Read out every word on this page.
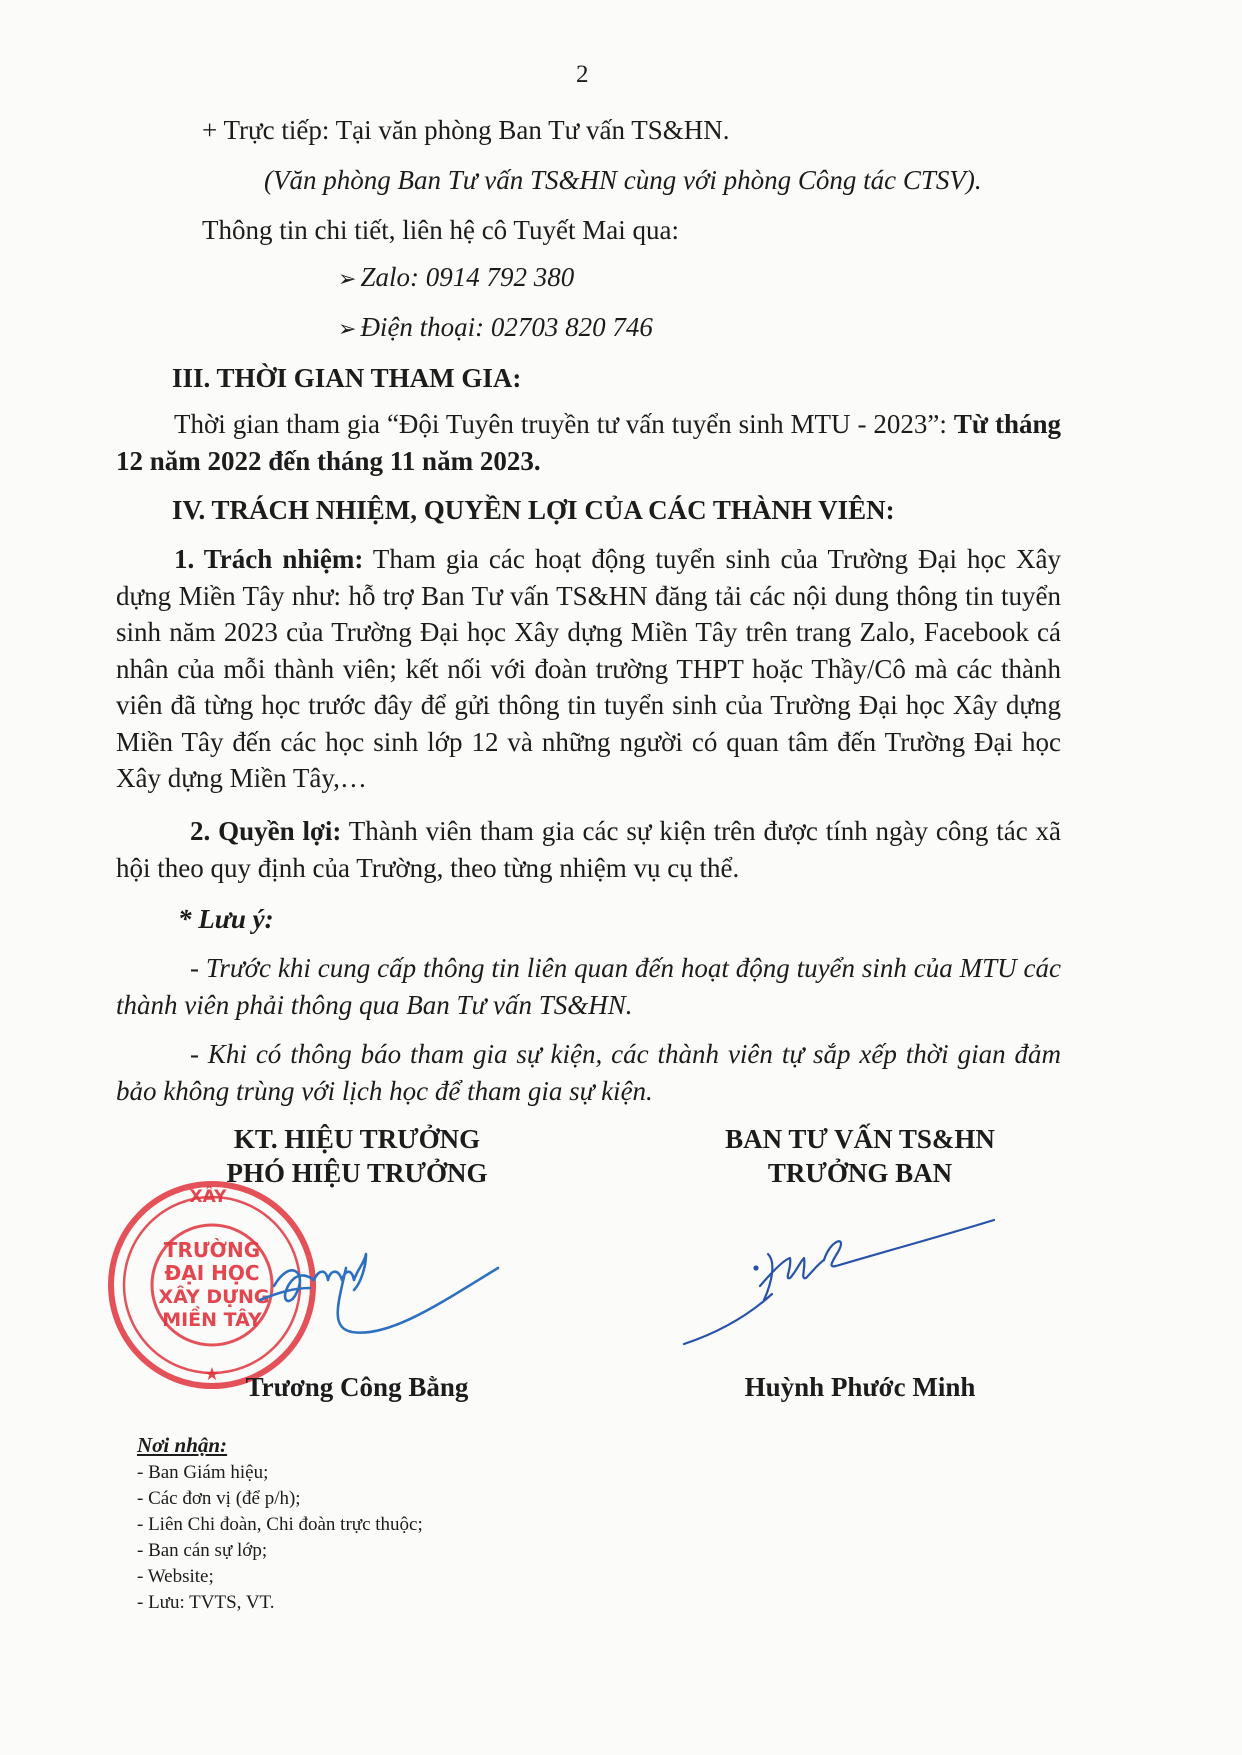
2
+ Trực tiếp: Tại văn phòng Ban Tư vấn TS&HN.
(Văn phòng Ban Tư vấn TS&HN cùng với phòng Công tác CTSV).
Thông tin chi tiết, liên hệ cô Tuyết Mai qua:
➢ Zalo: 0914 792 380
➢ Điện thoại: 02703 820 746
III. THỜI GIAN THAM GIA:
Thời gian tham gia “Đội Tuyên truyền tư vấn tuyển sinh MTU - 2023”: Từ tháng 12 năm 2022 đến tháng 11 năm 2023.
IV. TRÁCH NHIỆM, QUYỀN LỢI CỦA CÁC THÀNH VIÊN:
1. Trách nhiệm: Tham gia các hoạt động tuyển sinh của Trường Đại học Xây dựng Miền Tây như: hỗ trợ Ban Tư vấn TS&HN đăng tải các nội dung thông tin tuyển sinh năm 2023 của Trường Đại học Xây dựng Miền Tây trên trang Zalo, Facebook cá nhân của mỗi thành viên; kết nối với đoàn trường THPT hoặc Thầy/Cô mà các thành viên đã từng học trước đây để gửi thông tin tuyển sinh của Trường Đại học Xây dựng Miền Tây đến các học sinh lớp 12 và những người có quan tâm đến Trường Đại học Xây dựng Miền Tây,…
2. Quyền lợi: Thành viên tham gia các sự kiện trên được tính ngày công tác xã hội theo quy định của Trường, theo từng nhiệm vụ cụ thể.
* Lưu ý:
- Trước khi cung cấp thông tin liên quan đến hoạt động tuyển sinh của MTU các thành viên phải thông qua Ban Tư vấn TS&HN.
- Khi có thông báo tham gia sự kiện, các thành viên tự sắp xếp thời gian đảm bảo không trùng với lịch học để tham gia sự kiện.
KT. HIỆU TRƯỞNG
PHÓ HIỆU TRƯỞNG
BAN TƯ VẤN TS&HN
TRƯỞNG BAN
XÂY
TRƯỜNG
ĐẠI HỌC
XÂY DỰNG
MIỀN TÂY
★ Trương Công Bằng	Huỳnh Phước Minh
Nơi nhận:
- Ban Giám hiệu;
- Các đơn vị (để p/h);
- Liên Chi đoàn, Chi đoàn trực thuộc;
- Ban cán sự lớp;
- Website;
- Lưu: TVTS, VT.
